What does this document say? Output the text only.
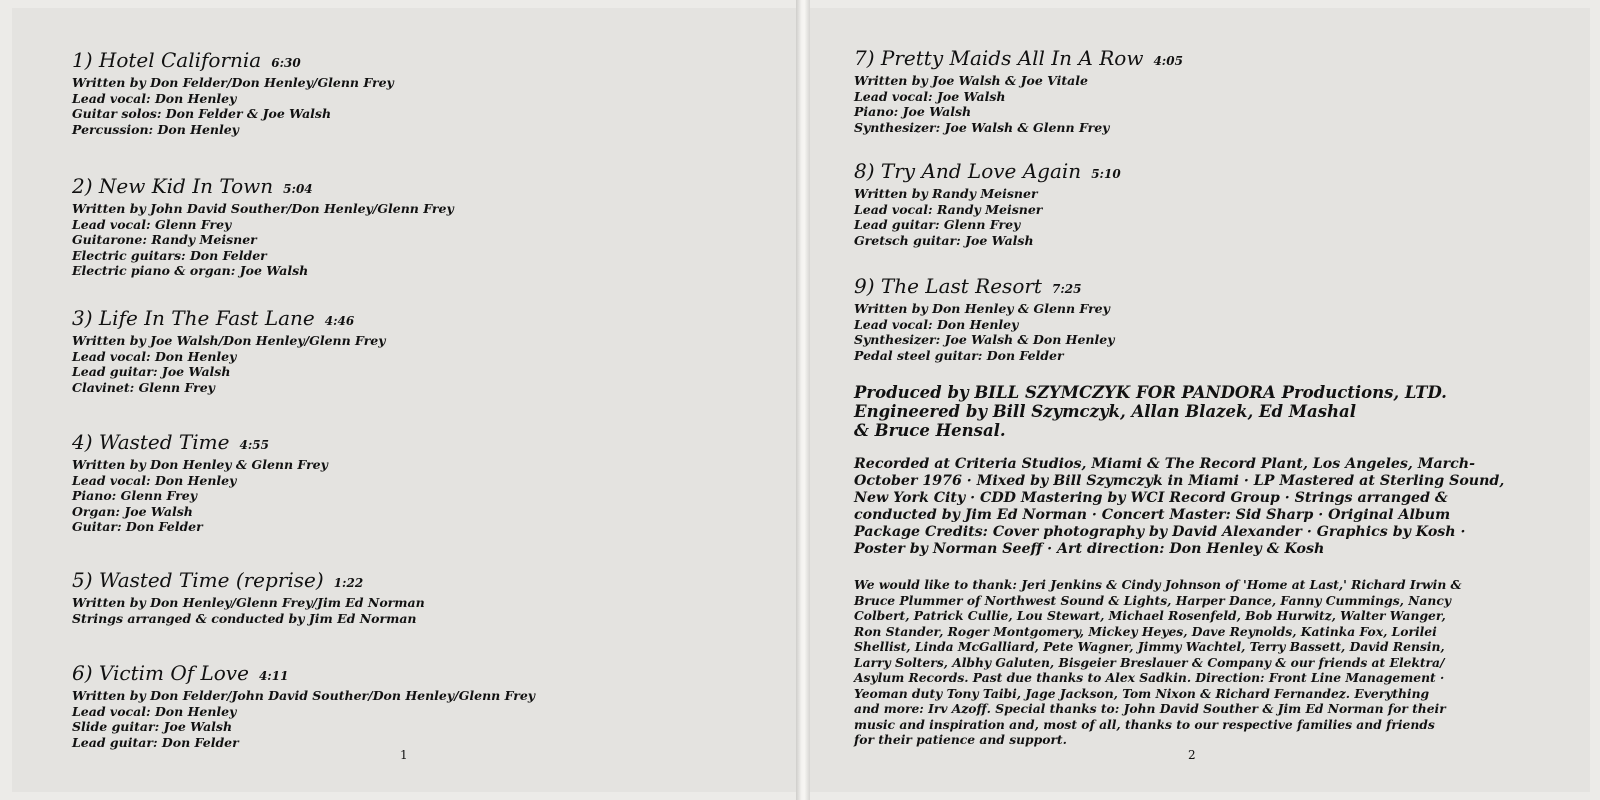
1) Hotel California 6:30
Written by Don Felder/Don Henley/Glenn Frey
Lead vocal: Don Henley
Guitar solos: Don Felder & Joe Walsh
Percussion: Don Henley
2) New Kid In Town 5:04
Written by John David Souther/Don Henley/Glenn Frey
Lead vocal: Glenn Frey
Guitarone: Randy Meisner
Electric guitars: Don Felder
Electric piano & organ: Joe Walsh
3) Life In The Fast Lane 4:46
Written by Joe Walsh/Don Henley/Glenn Frey
Lead vocal: Don Henley
Lead guitar: Joe Walsh
Clavinet: Glenn Frey
4) Wasted Time 4:55
Written by Don Henley & Glenn Frey
Lead vocal: Don Henley
Piano: Glenn Frey
Organ: Joe Walsh
Guitar: Don Felder
5) Wasted Time (reprise) 1:22
Written by Don Henley/Glenn Frey/Jim Ed Norman
Strings arranged & conducted by Jim Ed Norman
6) Victim Of Love 4:11
Written by Don Felder/John David Souther/Don Henley/Glenn Frey
Lead vocal: Don Henley
Slide guitar: Joe Walsh
Lead guitar: Don Felder
1
7) Pretty Maids All In A Row 4:05
Written by Joe Walsh & Joe Vitale
Lead vocal: Joe Walsh
Piano: Joe Walsh
Synthesizer: Joe Walsh & Glenn Frey
8) Try And Love Again 5:10
Written by Randy Meisner
Lead vocal: Randy Meisner
Lead guitar: Glenn Frey
Gretsch guitar: Joe Walsh
9) The Last Resort 7:25
Written by Don Henley & Glenn Frey
Lead vocal: Don Henley
Synthesizer: Joe Walsh & Don Henley
Pedal steel guitar: Don Felder
Produced by BILL SZYMCZYK FOR PANDORA Productions, LTD.
Engineered by Bill Szymczyk, Allan Blazek, Ed Mashal
& Bruce Hensal.
Recorded at Criteria Studios, Miami & The Record Plant, Los Angeles, March-
October 1976 · Mixed by Bill Szymczyk in Miami · LP Mastered at Sterling Sound,
New York City · CDD Mastering by WCI Record Group · Strings arranged &
conducted by Jim Ed Norman · Concert Master: Sid Sharp · Original Album
Package Credits: Cover photography by David Alexander · Graphics by Kosh ·
Poster by Norman Seeff · Art direction: Don Henley & Kosh
We would like to thank: Jeri Jenkins & Cindy Johnson of 'Home at Last,' Richard Irwin &
Bruce Plummer of Northwest Sound & Lights, Harper Dance, Fanny Cummings, Nancy
Colbert, Patrick Cullie, Lou Stewart, Michael Rosenfeld, Bob Hurwitz, Walter Wanger,
Ron Stander, Roger Montgomery, Mickey Heyes, Dave Reynolds, Katinka Fox, Lorilei
Shellist, Linda McGalliard, Pete Wagner, Jimmy Wachtel, Terry Bassett, David Rensin,
Larry Solters, Albhy Galuten, Bisgeier Breslauer & Company & our friends at Elektra/
Asylum Records. Past due thanks to Alex Sadkin. Direction: Front Line Management ·
Yeoman duty Tony Taibi, Jage Jackson, Tom Nixon & Richard Fernandez. Everything
and more: Irv Azoff. Special thanks to: John David Souther & Jim Ed Norman for their
music and inspiration and, most of all, thanks to our respective families and friends
for their patience and support.
2
